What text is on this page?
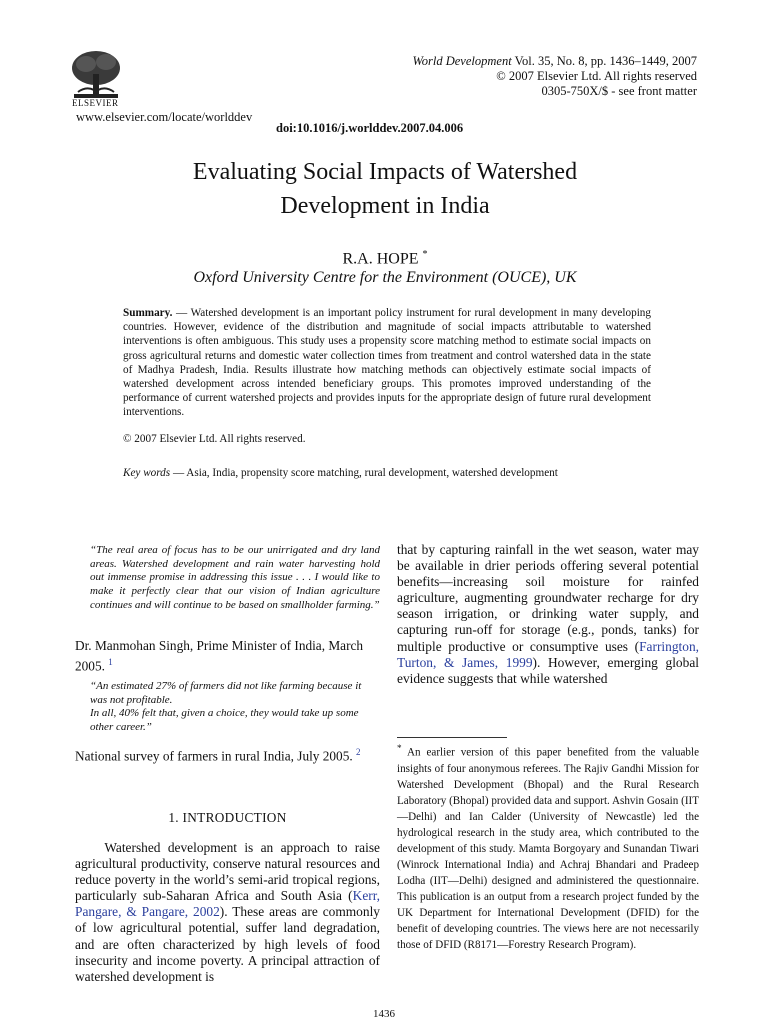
ELSEVIER
www.elsevier.com/locate/worlddev
World Development Vol. 35, No. 8, pp. 1436–1449, 2007
© 2007 Elsevier Ltd. All rights reserved
0305-750X/$ - see front matter
doi:10.1016/j.worlddev.2007.04.006
Evaluating Social Impacts of Watershed
Development in India
R.A. HOPE *
Oxford University Centre for the Environment (OUCE), UK
Summary. — Watershed development is an important policy instrument for rural development in many developing countries. However, evidence of the distribution and magnitude of social impacts attributable to watershed interventions is often ambiguous. This study uses a propensity score matching method to estimate social impacts on gross agricultural returns and domestic water collection times from treatment and control watershed data in the state of Madhya Pradesh, India. Results illustrate how matching methods can objectively estimate social impacts of watershed development across intended beneficiary groups. This promotes improved understanding of the performance of current watershed projects and provides inputs for the appropriate design of future rural development interventions.
© 2007 Elsevier Ltd. All rights reserved.
Key words — Asia, India, propensity score matching, rural development, watershed development
“The real area of focus has to be our unirrigated and dry land areas. Watershed development and rain water harvesting hold out immense promise in addressing this issue . . . I would like to make it perfectly clear that our vision of Indian agriculture continues and will continue to be based on smallholder farming.”
Dr. Manmohan Singh, Prime Minister of India, March 2005. $^1$
“An estimated 27% of farmers did not like farming because it was not profitable.
In all, 40% felt that, given a choice, they would take up some other career.”
National survey of farmers in rural India, July 2005. $^2$
1. INTRODUCTION
Watershed development is an approach to raise agricultural productivity, conserve natural resources and reduce poverty in the world’s semi-arid tropical regions, particularly sub-Saharan Africa and South Asia (Kerr, Pangare, & Pangare, 2002). These areas are commonly of low agricultural potential, suffer land degradation, and are often characterized by high levels of food insecurity and income poverty. A principal attraction of watershed development is
that by capturing rainfall in the wet season, water may be available in drier periods offering several potential benefits—increasing soil moisture for rainfed agriculture, augmenting groundwater recharge for dry season irrigation, or drinking water supply, and capturing run-off for storage (e.g., ponds, tanks) for multiple productive or consumptive uses (Farrington, Turton, & James, 1999). However, emerging global evidence suggests that while watershed
* An earlier version of this paper benefited from the valuable insights of four anonymous referees. The Rajiv Gandhi Mission for Watershed Development (Bhopal) and the Rural Research Laboratory (Bhopal) provided data and support. Ashvin Gosain (IIT—Delhi) and Ian Calder (University of Newcastle) led the hydrological research in the study area, which contributed to the development of this study. Mamta Borgoyary and Sunandan Tiwari (Winrock International India) and Achraj Bhandari and Pradeep Lodha (IIT—Delhi) designed and administered the questionnaire. This publication is an output from a research project funded by the UK Department for International Development (DFID) for the benefit of developing countries. The views here are not necessarily those of DFID (R8171—Forestry Research Program).
1436
